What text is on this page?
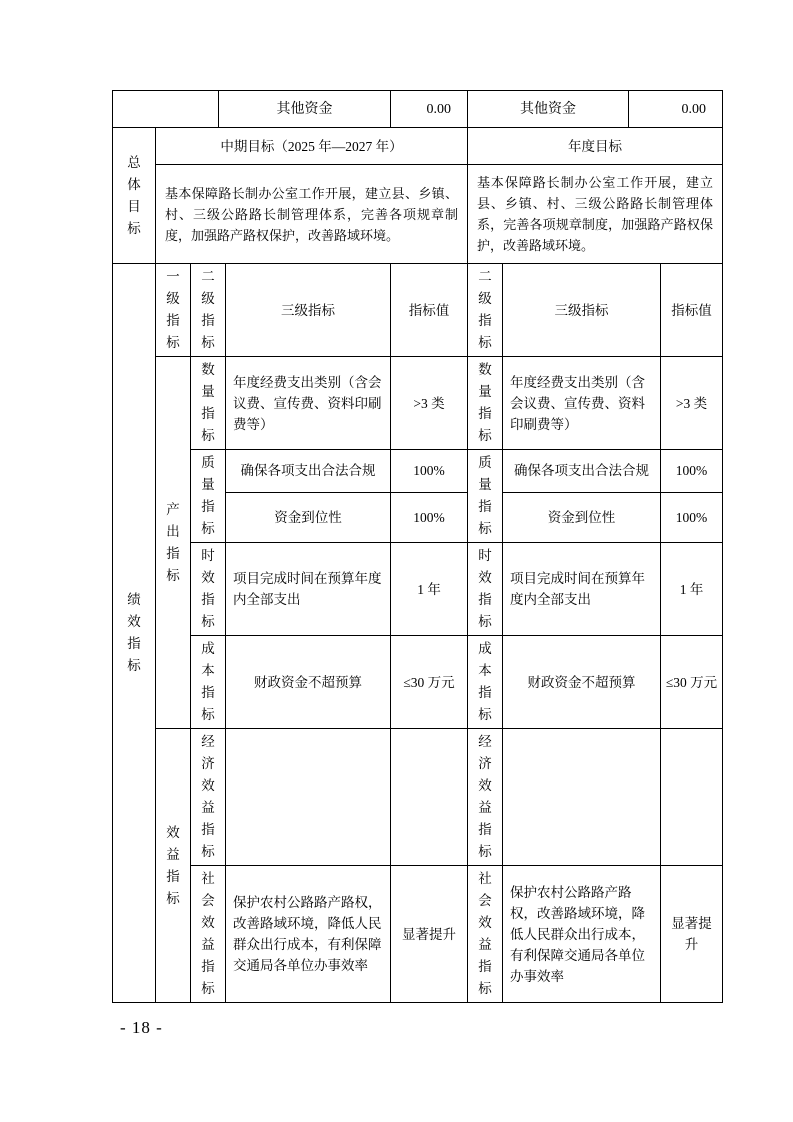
	其他资金	0.00	其他资金	0.00
总体目标	中期目标（2025 年—2027 年）				年度目标		
	基本保障路长制办公室工作开展，建立县、乡镇、村、三级公路路长制管理体系，完善各项规章制度，加强路产路权保护，改善路域环境。				基本保障路长制办公室工作开展，建立县、乡镇、村、三级公路路长制管理体系，完善各项规章制度，加强路产路权保护，改善路域环境。		

绩效指标	一级指标	二级指标	三级指标	指标值	二级指标	三级指标	指标值

	产出指标	数量指标	年度经费支出类别（含会议费、宣传费、资料印刷费等）	>3 类	数量指标	年度经费支出类别（含会议费、宣传费、资料印刷费等）	>3 类

		质量指标	确保各项支出合法合规	100%	质量指标	确保各项支出合法合规	100%
			资金到位性	100%		资金到位性	100%

		时效指标	项目完成时间在预算年度内全部支出	1 年	时效指标	项目完成时间在预算年度内全部支出	1 年

		成本指标	财政资金不超预算	≤30 万元	成本指标	财政资金不超预算	≤30 万元

	效益指标	经济效益指标			经济效益指标		

		社会效益指标	保护农村公路路产路权，改善路域环境，降低人民群众出行成本，有利保障交通局各单位办事效率	显著提升	社会效益指标	保护农村公路路产路权，改善路域环境，降低人民群众出行成本，有利保障交通局各单位办事效率	显著提升
- 18 -
